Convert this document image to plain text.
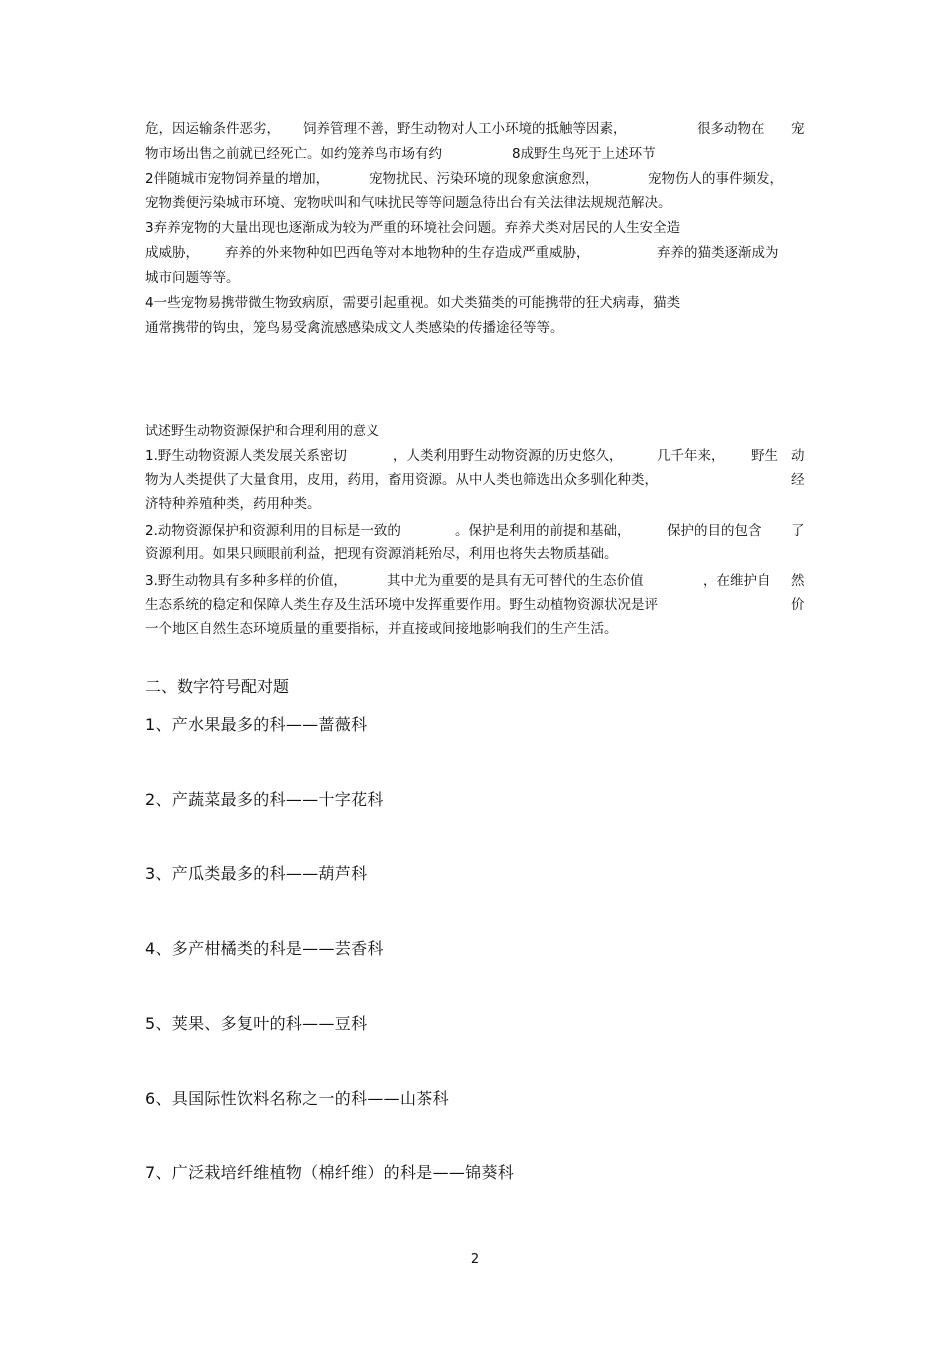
危，因运输条件恶劣， 饲养管理不善， 野生动物对人工小环境的抵触等因素，	很多动物在 宠
物市场出售之前就已经死亡。如约笼养鸟市场有约	8成野生鸟死于上述环节
2伴随城市宠物饲养量的增加，	宠物扰民、污染环境的现象愈演愈烈，	宠物伤人的事件频发，
宠物粪便污染城市环境、宠物吠叫和气味扰民等等问题急待出台有关法律法规规范解决。
3弃养宠物的大量出现也逐渐成为较为严重的环境社会问题。弃养犬类对居民的人生安全造
成威胁， 弃养的外来物种如巴西龟等对本地物种的生存造成严重威胁，	弃养的猫类逐渐成为
城市问题等等。
4一些宠物易携带微生物致病原，需要引起重视。如犬类猫类的可能携带的狂犬病毒，猫类
通常携带的钩虫，笼鸟易受禽流感感染成文人类感染的传播途径等等。
试述野生动物资源保护和合理利用的意义
1.野生动物资源人类发展关系密切	，人类利用野生动物资源的历史悠久，	几千年来， 野生 动
物为人类提供了大量食用，皮用，药用，畜用资源。从中人类也筛选出众多驯化种类，	经
济特种养殖种类，药用种类。
2.动物资源保护和资源利用的目标是一致的	。保护是利用的前提和基础，	保护的目的包含 了
资源利用。如果只顾眼前利益，把现有资源消耗殆尽，利用也将失去物质基础。
3.野生动物具有多种多样的价值，	其中尤为重要的是具有无可替代的生态价值	，在维护自 然
生态系统的稳定和保障人类生存及生活环境中发挥重要作用。野生动植物资源状况是评	价
一个地区自然生态环境质量的重要指标，并直接或间接地影响我们的生产生活。
二、数字符号配对题
1、产水果最多的科——蔷薇科
2、产蔬菜最多的科——十字花科
3、产瓜类最多的科——葫芦科
4、多产柑橘类的科是——芸香科
5、荚果、多复叶的科——豆科
6、具国际性饮料名称之一的科——山茶科
7、广泛栽培纤维植物（棉纤维）的科是——锦葵科
2
